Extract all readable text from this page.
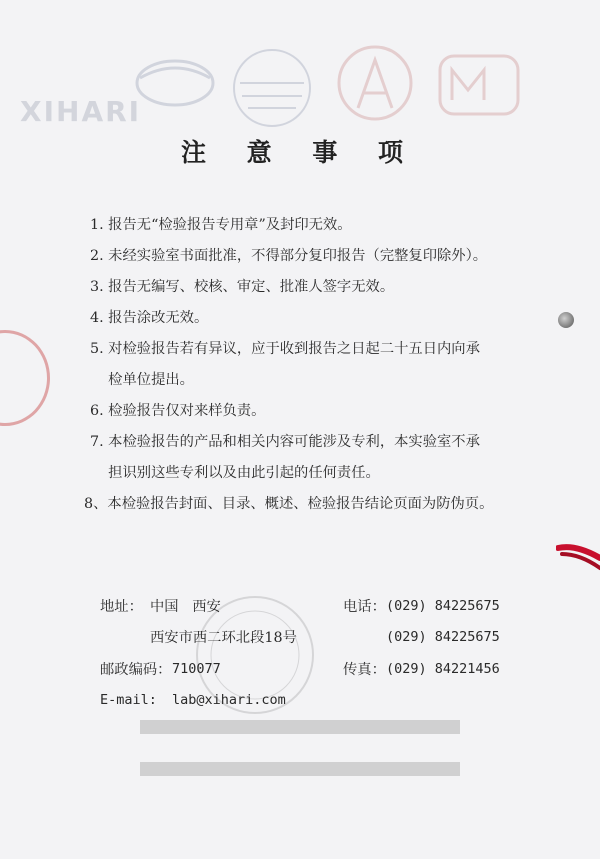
XIHARI
注 意 事 项
1. 报告无“检验报告专用章”及封印无效。
2. 未经实验室书面批准，不得部分复印报告（完整复印除外）。
3. 报告无编写、校核、审定、批准人签字无效。
4. 报告涂改无效。
5. 对检验报告若有异议，应于收到报告之日起二十五日内向承
检单位提出。
6. 检验报告仅对来样负责。
7. 本检验报告的产品和相关内容可能涉及专利，本实验室不承
担识别这些专利以及由此引起的任何责任。
8、本检验报告封面、目录、概述、检验报告结论页面为防伪页。
地址： 中国   西安	电话： (029) 84225675
西安市西二环北段18号	(029) 84225675
邮政编码： 710077	传真： (029) 84221456
E-mail: lab@xihari.com
